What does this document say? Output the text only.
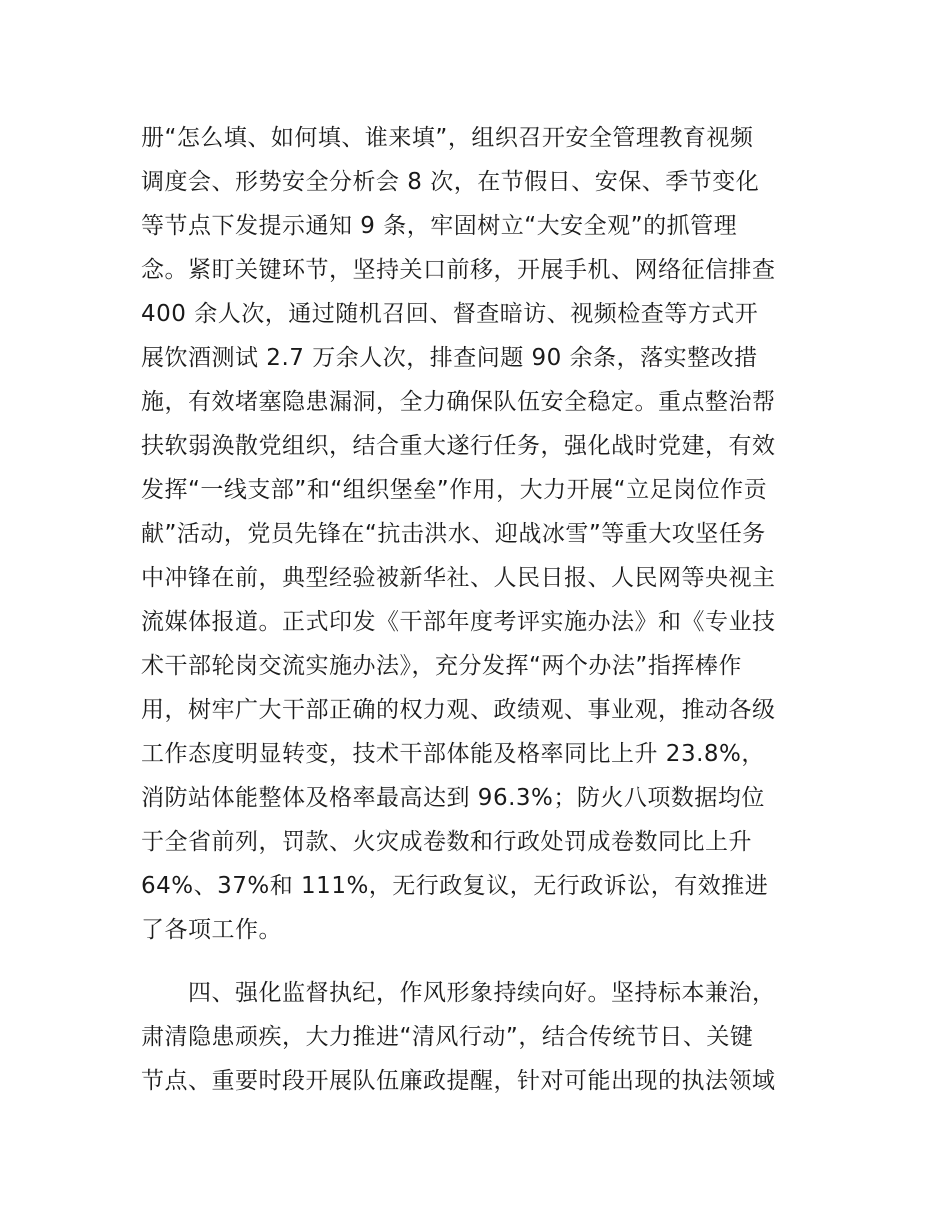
册“怎么填、如何填、谁来填”，组织召开安全管理教育视频
调度会、形势安全分析会 8 次，在节假日、安保、季节变化
等节点下发提示通知 9 条，牢固树立“大安全观”的抓管理
念。紧盯关键环节，坚持关口前移，开展手机、网络征信排查
400 余人次，通过随机召回、督查暗访、视频检查等方式开
展饮酒测试 2.7 万余人次，排查问题 90 余条，落实整改措
施，有效堵塞隐患漏洞，全力确保队伍安全稳定。重点整治帮
扶软弱涣散党组织，结合重大遂行任务，强化战时党建，有效
发挥“一线支部”和“组织堡垒”作用，大力开展“立足岗位作贡
献”活动，党员先锋在“抗击洪水、迎战冰雪”等重大攻坚任务
中冲锋在前，典型经验被新华社、人民日报、人民网等央视主
流媒体报道。正式印发《干部年度考评实施办法》和《专业技
术干部轮岗交流实施办法》，充分发挥“两个办法”指挥棒作
用，树牢广大干部正确的权力观、政绩观、事业观，推动各级
工作态度明显转变，技术干部体能及格率同比上升 23.8%，
消防站体能整体及格率最高达到 96.3%；防火八项数据均位
于全省前列，罚款、火灾成卷数和行政处罚成卷数同比上升
64%、37%和 111%，无行政复议，无行政诉讼，有效推进
了各项工作。
　　四、强化监督执纪，作风形象持续向好。坚持标本兼治，
肃清隐患顽疾，大力推进“清风行动”，结合传统节日、关键
节点、重要时段开展队伍廉政提醒，针对可能出现的执法领域
